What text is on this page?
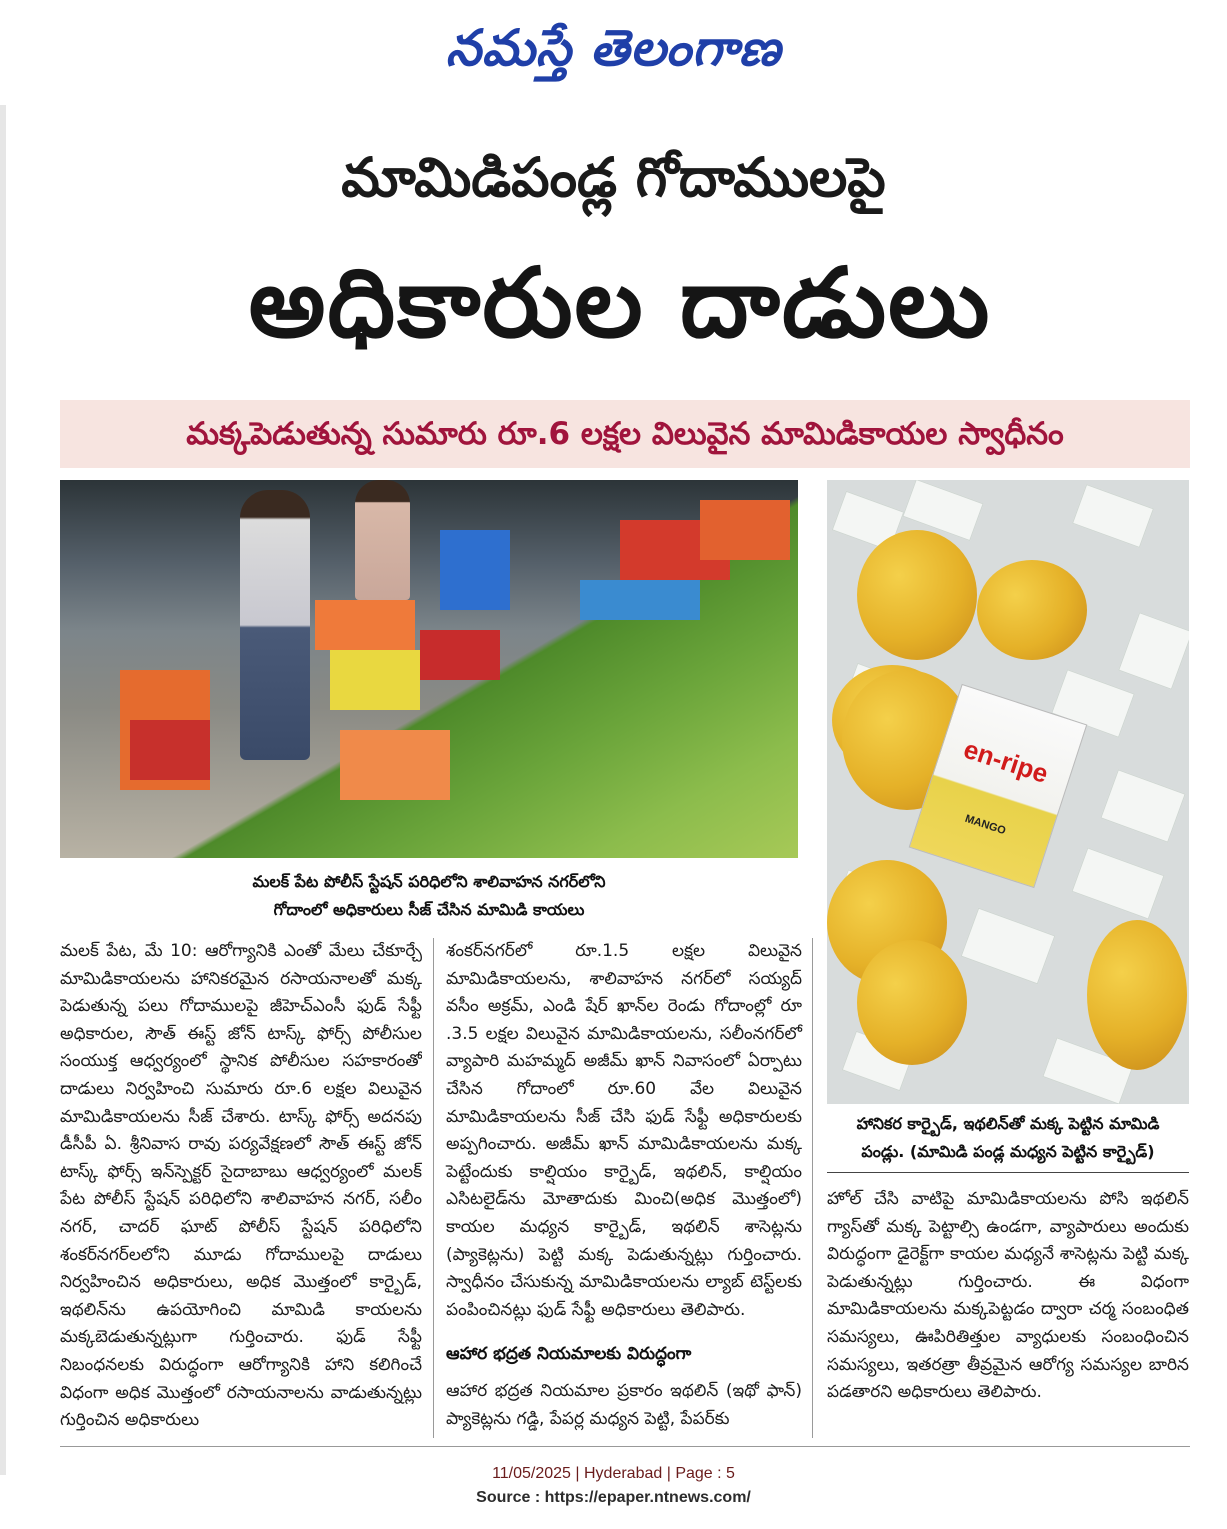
నమస్తే తెలంగాణ
మామిడిపండ్ల గోదాములపై
అధికారుల దాడులు
మక్కపెడుతున్న సుమారు రూ.6 లక్షల విలువైన మామిడికాయల స్వాధీనం
en-ripe
MANGO
మలక్ పేట పోలీస్ స్టేషన్ పరిధిలోని శాలివాహన నగర్‌లోని
గోదాంలో అధికారులు సీజ్ చేసిన మామిడి కాయలు
హానికర కార్బైడ్, ఇథలిన్‌తో మక్క పెట్టిన మామిడి
పండ్లు. (మామిడి పండ్ల మధ్యన పెట్టిన కార్బైడ్)
మలక్ పేట, మే 10: ఆరోగ్యానికి ఎంతో మేలు చేకూర్చే మామిడికాయలను హానికరమైన రసాయనాలతో మక్క పెడుతున్న పలు గోదాములపై జీహెచ్ఎంసీ ఫుడ్ సేఫ్టీ అధికారుల, సౌత్ ఈస్ట్ జోన్ టాస్క్ ఫోర్స్ పోలీసుల సంయుక్త ఆధ్వర్యంలో స్థానిక పోలీసుల సహకారంతో దాడులు నిర్వహించి సుమారు రూ.6 లక్షల విలువైన మామిడికాయలను సీజ్ చేశారు. టాస్క్ ఫోర్స్ అదనపు డీసీపీ ఏ. శ్రీనివాస రావు పర్యవేక్షణలో సౌత్ ఈస్ట్ జోన్ టాస్క్ ఫోర్స్ ఇన్‌స్పెక్టర్ సైదాబాబు ఆధ్వర్యంలో మలక్ పేట పోలీస్ స్టేషన్ పరిధిలోని శాలివాహన నగర్, సలీం నగర్, చాదర్ ఘాట్ పోలీస్ స్టేషన్ పరిధిలోని శంకర్‌నగర్‌లలోని మూడు గోదాములపై దాడులు నిర్వహించిన అధికారులు, అధిక మొత్తంలో కార్బైడ్, ఇథలిన్‌ను ఉపయోగించి మామిడి కాయలను మక్కబెడుతున్నట్లుగా గుర్తించారు. ఫుడ్ సేఫ్టీ నిబంధనలకు విరుద్ధంగా ఆరోగ్యానికి హాని కలిగించే విధంగా అధిక మొత్తంలో రసాయనాలను వాడుతున్నట్లు గుర్తించిన అధికారులు
శంకర్‌నగర్‌లో రూ.1.5 లక్షల విలువైన మామిడికాయలను, శాలివాహన నగర్‌లో సయ్యద్ వసీం అక్రమ్, ఎండి షేర్ ఖాన్‌ల రెండు గోదాంల్లో రూ .3.5 లక్షల విలువైన మామిడికాయలను, సలీంనగర్‌లో వ్యాపారి మహమ్మద్ అజీమ్ ఖాన్ నివాసంలో ఏర్పాటు చేసిన గోదాంలో రూ.60 వేల విలువైన మామిడికాయలను సీజ్ చేసి ఫుడ్ సేఫ్టీ అధికారులకు అప్పగించారు. అజీమ్ ఖాన్ మామిడికాయలను మక్క పెట్టేందుకు కాల్షియం కార్బైడ్, ఇథలిన్, కాల్షియం ఎసిటలైడ్‌ను మోతాదుకు మించి(అధిక మొత్తంలో) కాయల మధ్యన కార్బైడ్, ఇథలిన్ శాసెట్లను (ప్యాకెట్లను) పెట్టి మక్క పెడుతున్నట్లు గుర్తించారు. స్వాధీనం చేసుకున్న మామిడికాయలను ల్యాబ్ టెస్ట్‌లకు పంపించినట్లు ఫుడ్ సేఫ్టీ అధికారులు తెలిపారు.
ఆహార భద్రత నియమాలకు విరుద్ధంగా
ఆహార భద్రత నియమాల ప్రకారం ఇథలిన్ (ఇథో ఫాన్) ప్యాకెట్లను గడ్డి, పేపర్ల మధ్యన పెట్టి, పేపర్‌కు
హోల్ చేసి వాటిపై మామిడికాయలను పోసి ఇథలిన్ గ్యాస్‌తో మక్క పెట్టాల్సి ఉండగా, వ్యాపారులు అందుకు విరుద్ధంగా డైరెక్ట్‌గా కాయల మధ్యనే శాసెట్లను పెట్టి మక్క పెడుతున్నట్లు గుర్తించారు. ఈ విధంగా మామిడికాయలను మక్కపెట్టడం ద్వారా చర్మ సంబంధిత సమస్యలు, ఊపిరితిత్తుల వ్యాధులకు సంబంధించిన సమస్యలు, ఇతరత్రా తీవ్రమైన ఆరోగ్య సమస్యల బారిన పడతారని అధికారులు తెలిపారు.
11/05/2025 | Hyderabad | Page : 5
Source : https://epaper.ntnews.com/
